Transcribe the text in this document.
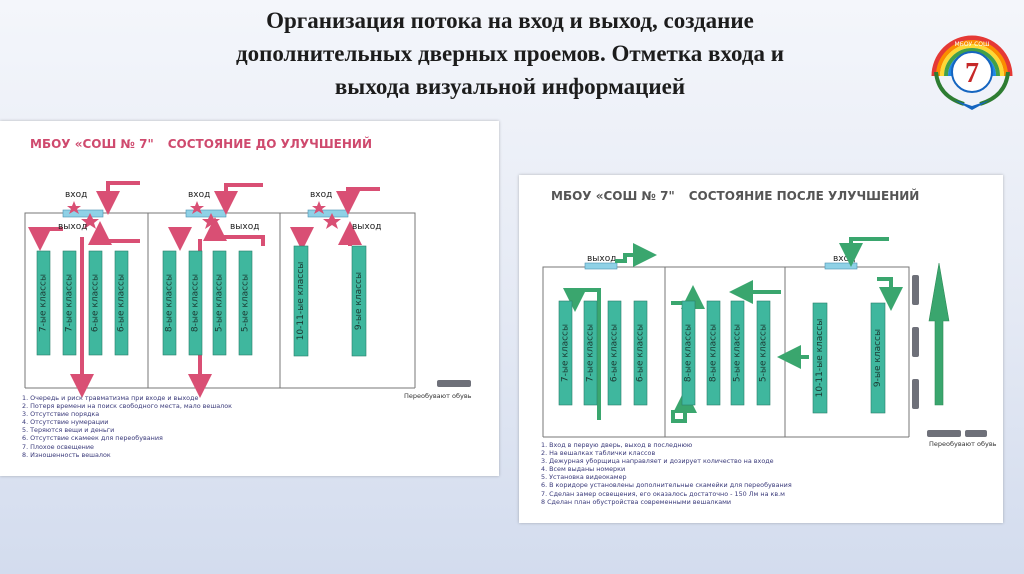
Организация потока на вход и выход, создание
дополнительных дверных проемов. Отметка входа и
выхода визуальной информацией	7
МБОУ СОШ
МБОУ «СОШ № 7" СОСТОЯНИЕ ДО УЛУЧШЕНИЙ
вход
выход
вход
выход
вход
выход
7-ые классы 7-ые классы 6-ые классы 6-ые классы	8-ые классы 8-ые классы 5-ые классы 5-ые классы	10-11-ые классы	9-ые классы
Переобувают обувь
1. Очередь и риск травматизма при входе и выходе
2. Потеря времени на поиск свободного места, мало вешалок
3. Отсутствие порядка
4. Отсутствие нумерации
5. Теряются вещи и деньги
6. Отсутствие скамеек для переобувания
7. Плохое освещение
8. Изношенность вешалок
МБОУ «СОШ № 7" СОСТОЯНИЕ ПОСЛЕ УЛУЧШЕНИЙ
выход	вход
7-ые классы 7-ые классы 6-ые классы 6-ые классы	8-ые классы 8-ые классы 5-ые классы 5-ые классы	10-11-ые классы	9-ые классы
Переобувают обувь
1. Вход в первую дверь, выход в последнюю
2. На вешалках таблички классов
3. Дежурная уборщица направляет и дозирует количество на входе
4. Всем выданы номерки
5. Установка видеокамер
6. В коридоре установлены дополнительные скамейки для переобувания
7. Сделан замер освещения, его оказалось достаточно - 150 Лм на кв.м
8 Сделан план обустройства современными вешалками
